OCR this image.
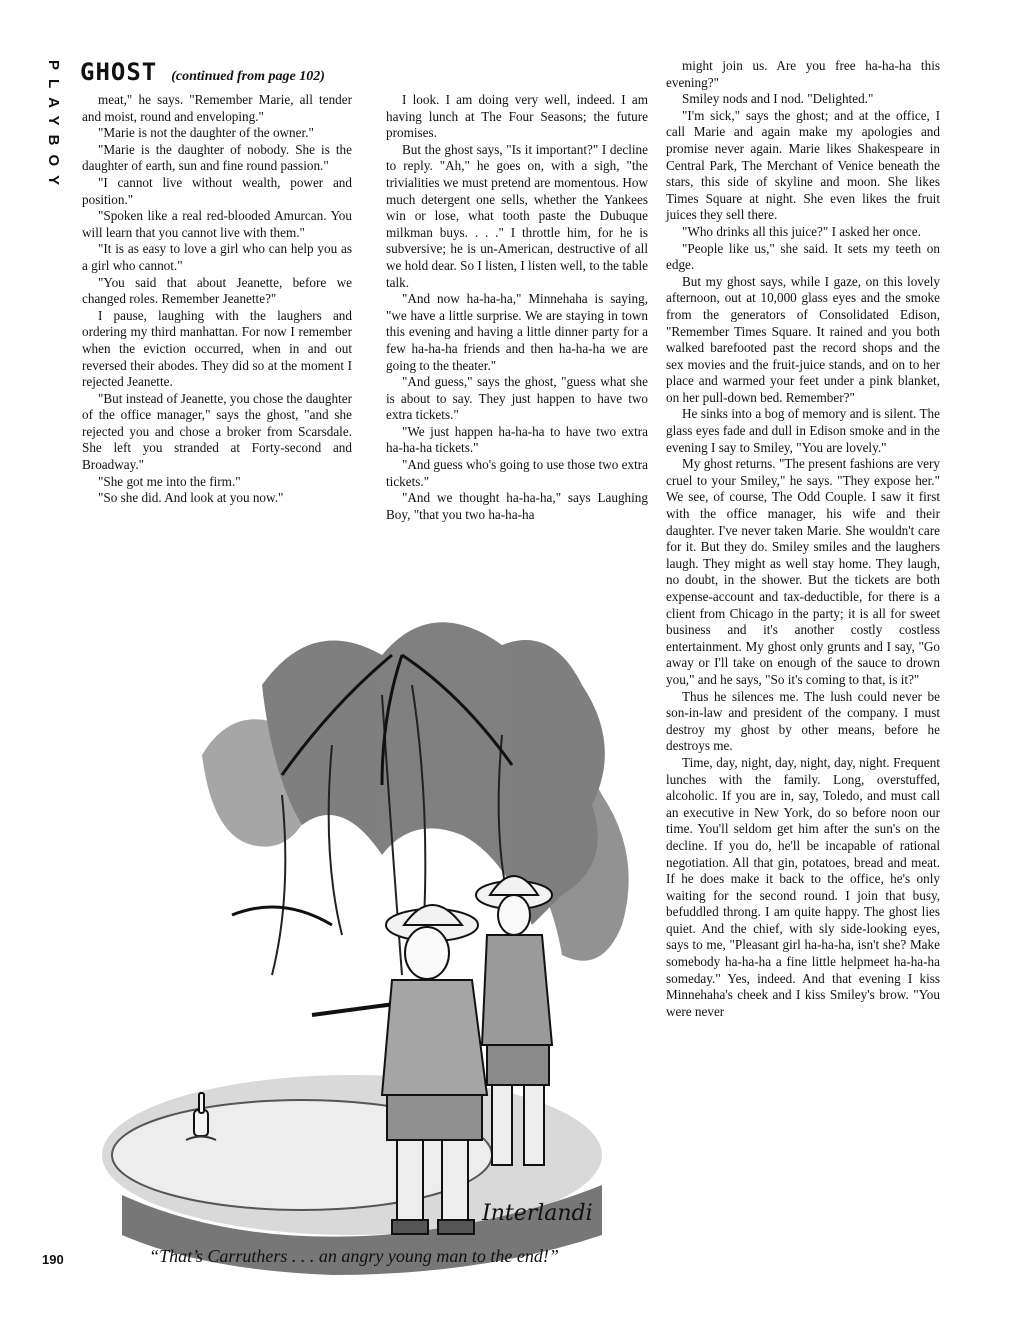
PLAYBOY GHOST (continued from page 102)

meat," he says. "Remember Marie, all tender and moist, round and enveloping."

"Marie is not the daughter of the owner."

"Marie is the daughter of nobody. She is the daughter of earth, sun and fine round passion."

"I cannot live without wealth, power and position."

"Spoken like a real red-blooded Amurcan. You will learn that you cannot live with them."

"It is as easy to love a girl who can help you as a girl who cannot."

"You said that about Jeanette, before we changed roles. Remember Jeanette?"

I pause, laughing with the laughers and ordering my third manhattan. For now I remember when the eviction occurred, when in and out reversed their abodes. They did so at the moment I rejected Jeanette.

"But instead of Jeanette, you chose the daughter of the office manager," says the ghost, "and she rejected you and chose a broker from Scarsdale. She left you stranded at Forty-second and Broadway."

"She got me into the firm."

"So she did. And look at you now."

I look. I am doing very well, indeed. I am having lunch at The Four Seasons; the future promises.

But the ghost says, "Is it important?" I decline to reply. "Ah," he goes on, with a sigh, "the trivialities we must pretend are momentous. How much detergent one sells, whether the Yankees win or lose, what tooth paste the Dubuque milkman buys. . . ." I throttle him, for he is subversive; he is un-American, destructive of all we hold dear. So I listen, I listen well, to the table talk.

"And now ha-ha-ha," Minnehaha is saying, "we have a little surprise. We are staying in town this evening and having a little dinner party for a few ha-ha-ha friends and then ha-ha-ha we are going to the theater."

"And guess," says the ghost, "guess what she is about to say. They just happen to have two extra tickets."

"We just happen ha-ha-ha to have two extra ha-ha-ha tickets."

"And guess who's going to use those two extra tickets."

"And we thought ha-ha-ha," says Laughing Boy, "that you two ha-ha-ha

might join us. Are you free ha-ha-ha this evening?"

Smiley nods and I nod. "Delighted."

"I'm sick," says the ghost; and at the office, I call Marie and again make my apologies and promise never again. Marie likes Shakespeare in Central Park, The Merchant of Venice beneath the stars, this side of skyline and moon. She likes Times Square at night. She even likes the fruit juices they sell there.

"Who drinks all this juice?" I asked her once.

"People like us," she said. It sets my teeth on edge.

But my ghost says, while I gaze, on this lovely afternoon, out at 10,000 glass eyes and the smoke from the generators of Consolidated Edison, "Remember Times Square. It rained and you both walked barefooted past the record shops and the sex movies and the fruit-juice stands, and on to her place and warmed your feet under a pink blanket, on her pull-down bed. Remember?"

He sinks into a bog of memory and is silent. The glass eyes fade and dull in Edison smoke and in the evening I say to Smiley, "You are lovely."

My ghost returns. "The present fashions are very cruel to your Smiley," he says. "They expose her." We see, of course, The Odd Couple. I saw it first with the office manager, his wife and their daughter. I've never taken Marie. She wouldn't care for it. But they do. Smiley smiles and the laughers laugh. They might as well stay home. They laugh, no doubt, in the shower. But the tickets are both expense-account and tax-deductible, for there is a client from Chicago in the party; it is all for sweet business and it's another costly costless entertainment. My ghost only grunts and I say, "Go away or I'll take on enough of the sauce to drown you," and he says, "So it's coming to that, is it?"

Thus he silences me. The lush could never be son-in-law and president of the company. I must destroy my ghost by other means, before he destroys me.

Time, day, night, day, night, day, night. Frequent lunches with the family. Long, overstuffed, alcoholic. If you are in, say, Toledo, and must call an executive in New York, do so before noon our time. You'll seldom get him after the sun's on the decline. If you do, he'll be incapable of rational negotiation. All that gin, potatoes, bread and meat. If he does make it back to the office, he's only waiting for the second round. I join that busy, befuddled throng. I am quite happy. The ghost lies quiet. And the chief, with sly side-looking eyes, says to me, "Pleasant girl ha-ha-ha, isn't she? Make somebody ha-ha-ha a fine little helpmeet ha-ha-ha someday." Yes, indeed. And that evening I kiss Minnehaha's cheek and I kiss Smiley's brow. "You were never

Interlandi
“That’s Carruthers . . . an angry young man to the end!”
190
